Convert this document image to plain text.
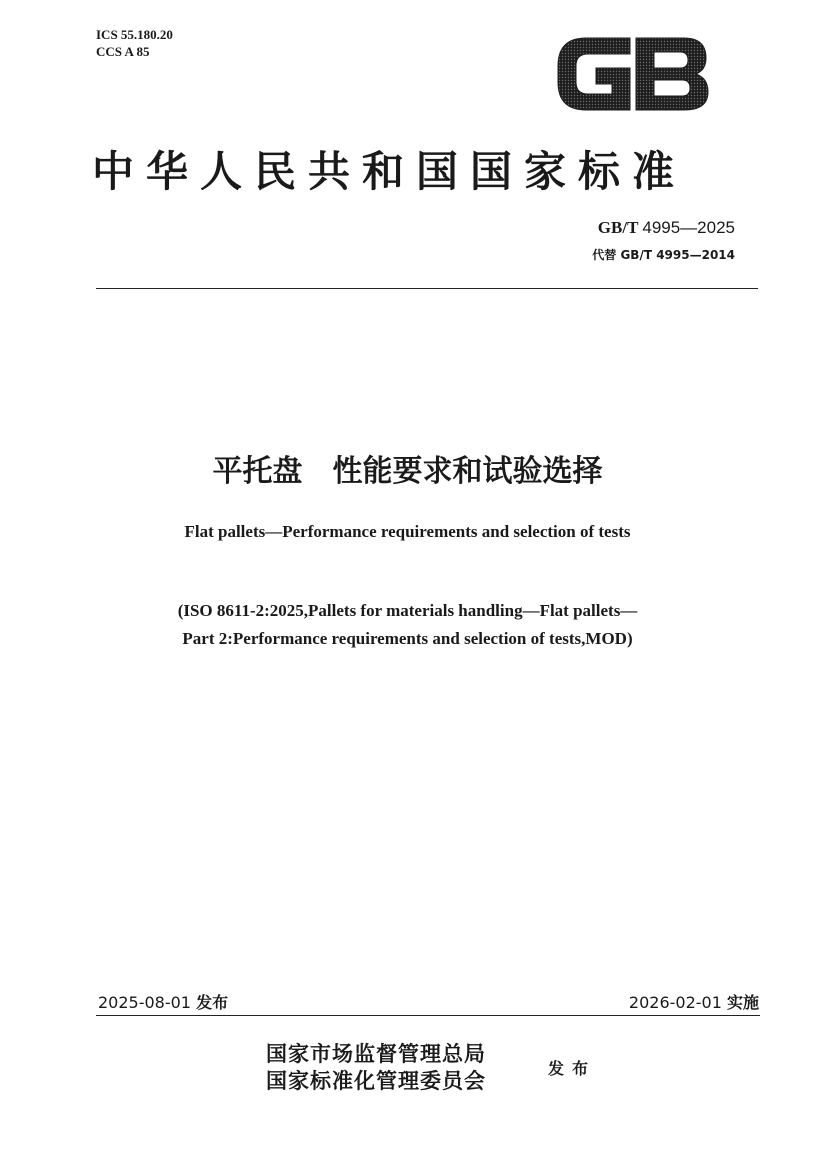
ICS 55.180.20
CCS A 85
中华人民共和国国家标准
GB/T 4995—2025
代替 GB/T 4995—2014
平托盘　性能要求和试验选择
Flat pallets—Performance requirements and selection of tests
(ISO 8611-2:2025,Pallets for materials handling—Flat pallets—
Part 2:Performance requirements and selection of tests,MOD)
2025-08-01 发布	2026-02-01 实施
国家市场监督管理总局
国家标准化管理委员会	发布
